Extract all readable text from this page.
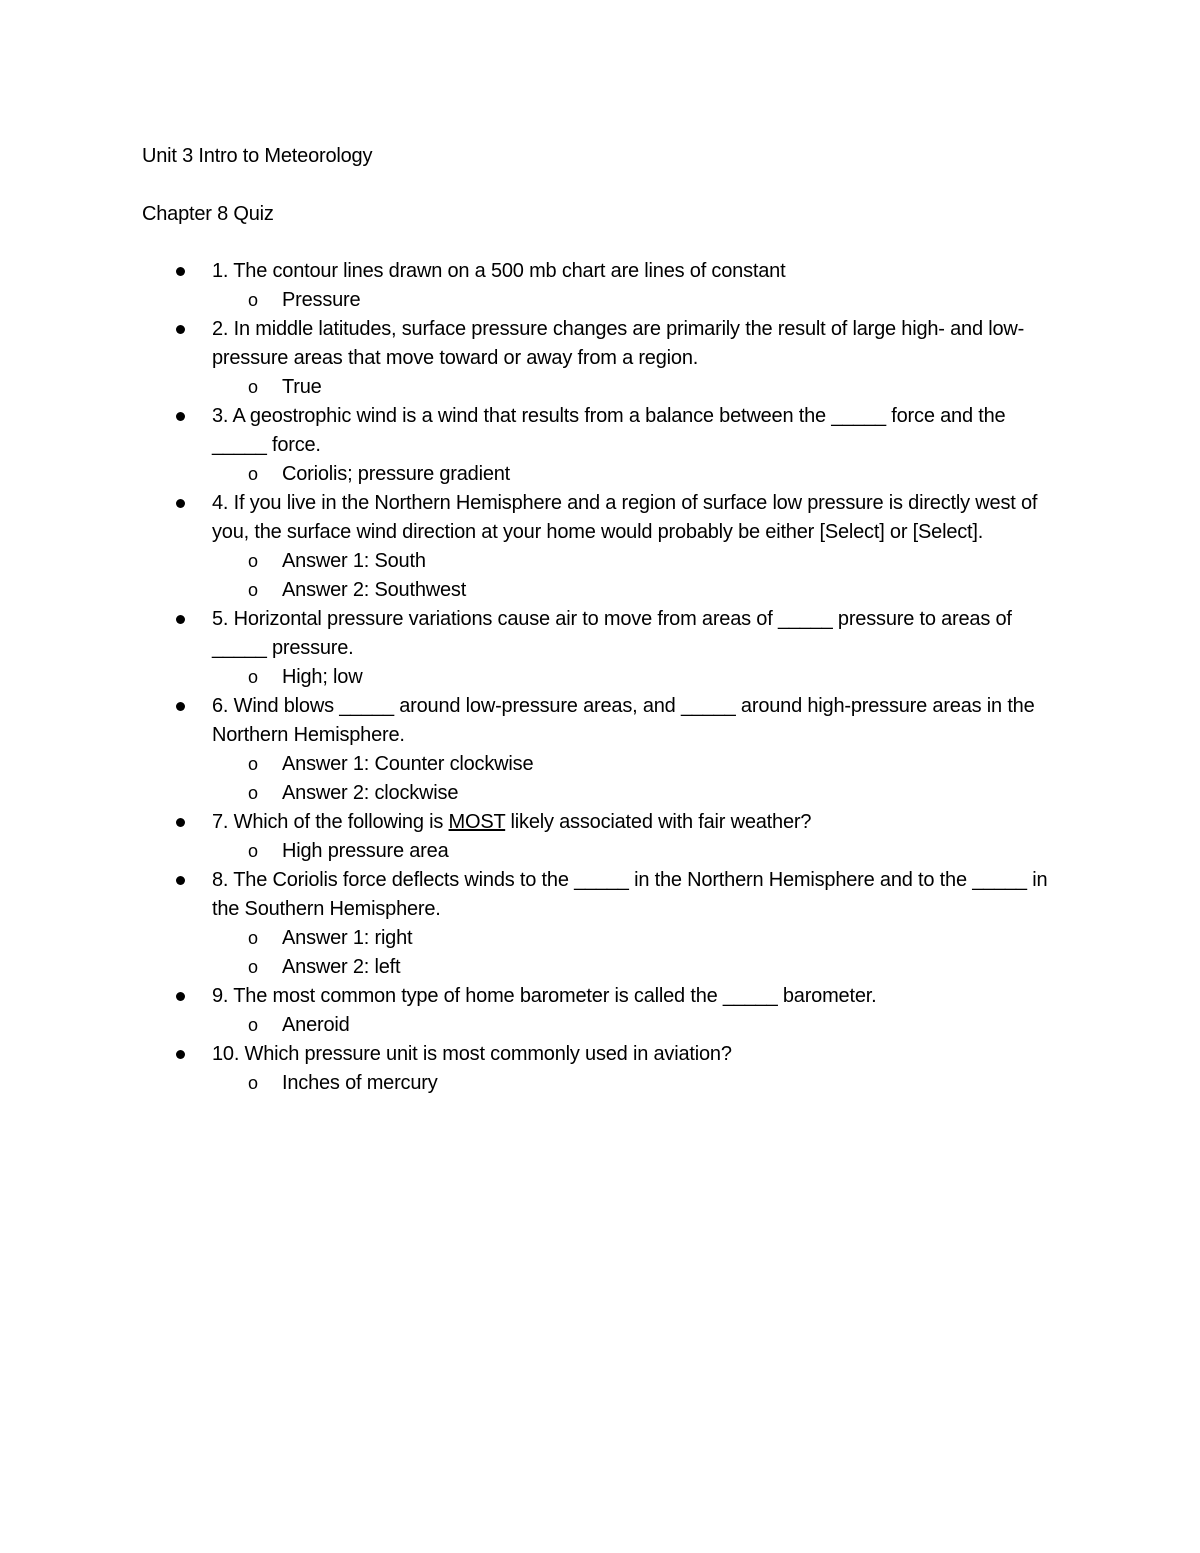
Unit 3 Intro to Meteorology
Chapter 8 Quiz
1. The contour lines drawn on a 500 mb chart are lines of constant
o Pressure
2. In middle latitudes, surface pressure changes are primarily the result of large high- and low-pressure areas that move toward or away from a region.
o True
3. A geostrophic wind is a wind that results from a balance between the _____ force and the _____ force.
o Coriolis; pressure gradient
4. If you live in the Northern Hemisphere and a region of surface low pressure is directly west of you, the surface wind direction at your home would probably be either [Select] or [Select].
o Answer 1: South
o Answer 2: Southwest
5. Horizontal pressure variations cause air to move from areas of _____ pressure to areas of _____ pressure.
o High; low
6. Wind blows _____ around low-pressure areas, and _____ around high-pressure areas in the Northern Hemisphere.
o Answer 1: Counter clockwise
o Answer 2: clockwise
7. Which of the following is MOST likely associated with fair weather?
o High pressure area
8. The Coriolis force deflects winds to the _____ in the Northern Hemisphere and to the _____ in the Southern Hemisphere.
o Answer 1: right
o Answer 2: left
9. The most common type of home barometer is called the _____ barometer.
o Aneroid
10. Which pressure unit is most commonly used in aviation?
o Inches of mercury
